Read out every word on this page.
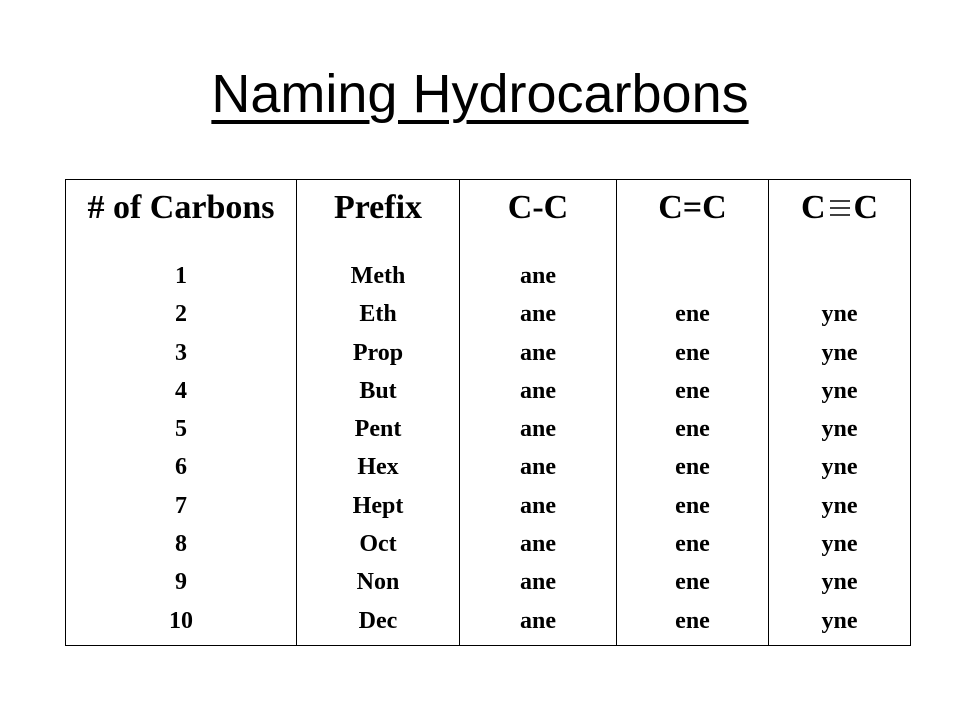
Naming Hydrocarbons
# of Carbons
1
2
3
4
5
6
7
8
9
10
Prefix
Meth
Eth
Prop
But
Pent
Hex
Hept
Oct
Non
Dec
C-C
ane
ane
ane
ane
ane
ane
ane
ane
ane
ane
C=C
ene
ene
ene
ene
ene
ene
ene
ene
ene
C C
yne
yne
yne
yne
yne
yne
yne
yne
yne
